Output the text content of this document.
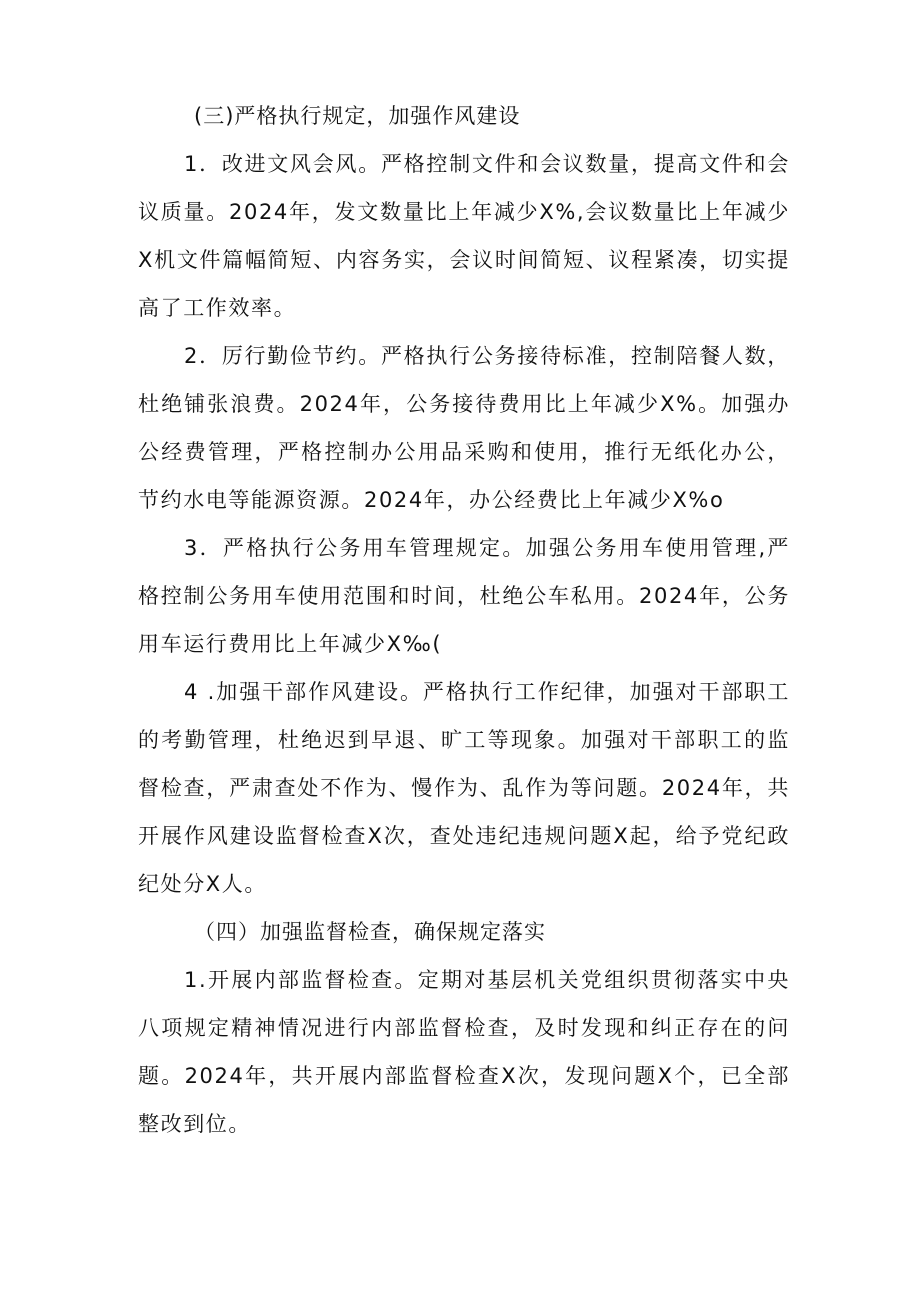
(三)严格执行规定，加强作风建设

1．改进文风会风。严格控制文件和会议数量，提高文件和会议质量。2024年，发文数量比上年减少X%,会议数量比上年减少X机文件篇幅简短、内容务实，会议时间简短、议程紧凑，切实提高了工作效率。

2．厉行勤俭节约。严格执行公务接待标准，控制陪餐人数，杜绝铺张浪费。2024年，公务接待费用比上年减少X%。加强办公经费管理，严格控制办公用品采购和使用，推行无纸化办公，节约水电等能源资源。2024年，办公经费比上年减少X%o

3．严格执行公务用车管理规定。加强公务用车使用管理,严格控制公务用车使用范围和时间，杜绝公车私用。2024年，公务用车运行费用比上年减少X‰(

4 .加强干部作风建设。严格执行工作纪律，加强对干部职工的考勤管理，杜绝迟到早退、旷工等现象。加强对干部职工的监督检查，严肃查处不作为、慢作为、乱作为等问题。2024年，共开展作风建设监督检查X次，查处违纪违规问题X起，给予党纪政纪处分X人。

（四）加强监督检查，确保规定落实

1.开展内部监督检查。定期对基层机关党组织贯彻落实中央八项规定精神情况进行内部监督检查，及时发现和纠正存在的问题。2024年，共开展内部监督检查X次，发现问题X个，已全部整改到位。
